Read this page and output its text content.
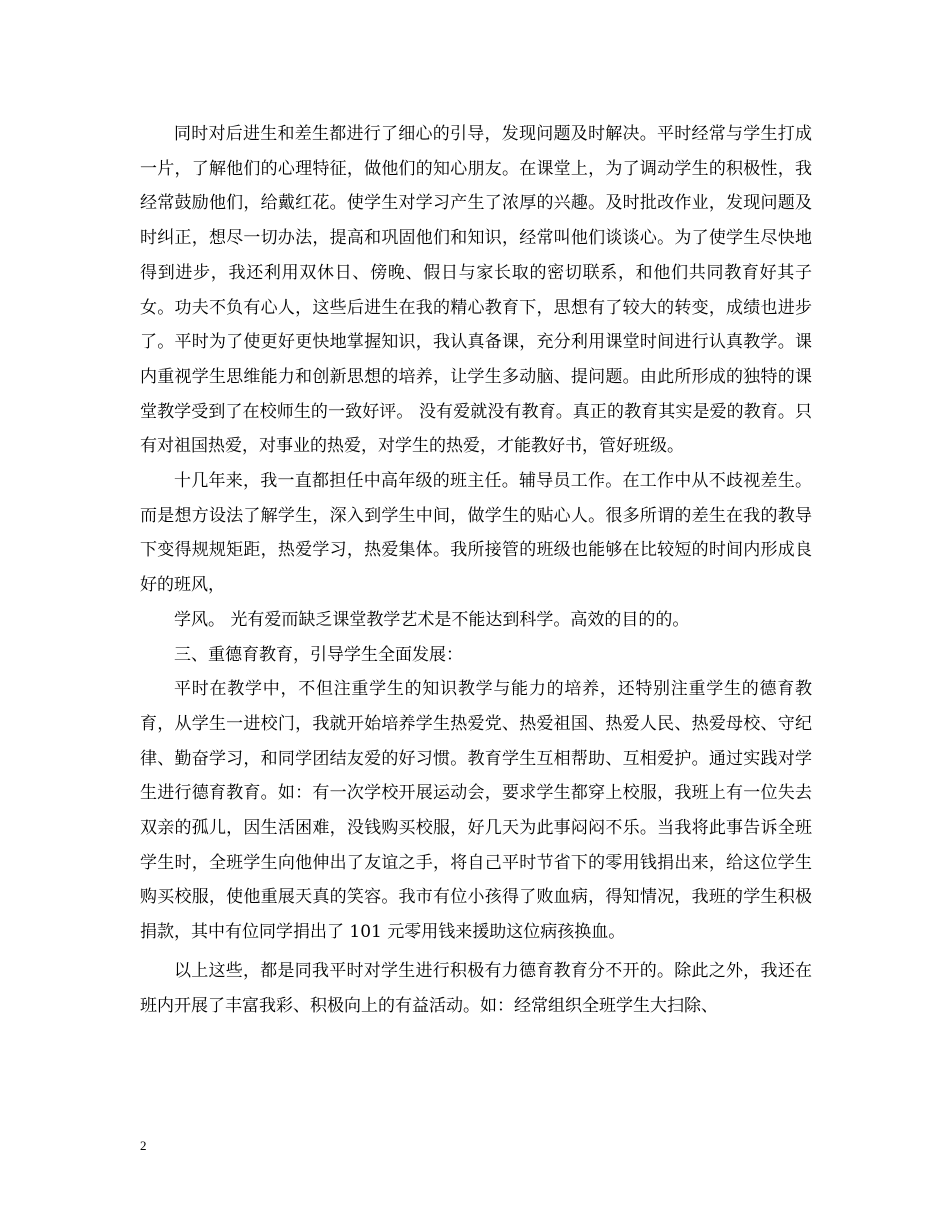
同时对后进生和差生都进行了细心的引导，发现问题及时解决。平时经常与学生打成一片，了解他们的心理特征，做他们的知心朋友。在课堂上，为了调动学生的积极性，我经常鼓励他们，给戴红花。使学生对学习产生了浓厚的兴趣。及时批改作业，发现问题及时纠正，想尽一切办法，提高和巩固他们和知识，经常叫他们谈谈心。为了使学生尽快地得到进步，我还利用双休日、傍晚、假日与家长取的密切联系，和他们共同教育好其子女。功夫不负有心人，这些后进生在我的精心教育下，思想有了较大的转变，成绩也进步了。平时为了使更好更快地掌握知识，我认真备课，充分利用课堂时间进行认真教学。课内重视学生思维能力和创新思想的培养，让学生多动脑、提问题。由此所形成的独特的课堂教学受到了在校师生的一致好评。 没有爱就没有教育。真正的教育其实是爱的教育。只有对祖国热爱，对事业的热爱，对学生的热爱，才能教好书，管好班级。

十几年来，我一直都担任中高年级的班主任。辅导员工作。在工作中从不歧视差生。而是想方设法了解学生，深入到学生中间，做学生的贴心人。很多所谓的差生在我的教导下变得规规矩距，热爱学习，热爱集体。我所接管的班级也能够在比较短的时间内形成良好的班风，

学风。 光有爱而缺乏课堂教学艺术是不能达到科学。高效的目的的。

三、重德育教育，引导学生全面发展：

平时在教学中，不但注重学生的知识教学与能力的培养，还特别注重学生的德育教育，从学生一进校门，我就开始培养学生热爱党、热爱祖国、热爱人民、热爱母校、守纪律、勤奋学习，和同学团结友爱的好习惯。教育学生互相帮助、互相爱护。通过实践对学 生进行德育教育。如：有一次学校开展运动会，要求学生都穿上校服，我班上有一位失去双亲的孤儿，因生活困难，没钱购买校服，好几天为此事闷闷不乐。当我将此事告诉全班学生时，全班学生向他伸出了友谊之手，将自己平时节省下的零用钱捐出来，给这位学生购买校服，使他重展天真的笑容。我市有位小孩得了败血病，得知情况，我班的学生积极捐款，其中有位同学捐出了 101 元零用钱来援助这位病孩换血。

以上这些，都是同我平时对学生进行积极有力德育教育分不开的。除此之外，我还在班内开展了丰富我彩、积极向上的有益活动。如：经常组织全班学生大扫除、

2
